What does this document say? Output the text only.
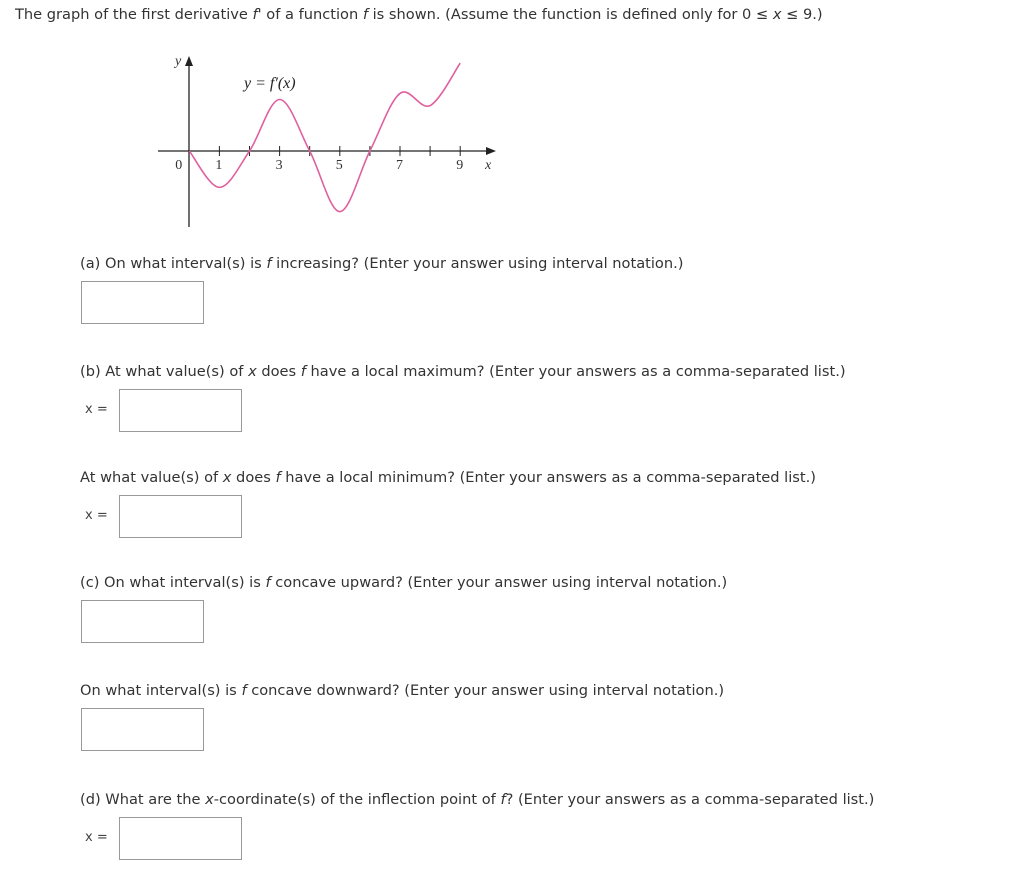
The graph of the first derivative f' of a function f is shown. (Assume the function is defined only for 0 ≤ x ≤ 9.)
0 1	3	5	7	9
y
x
y = f′(x)
(a) On what interval(s) is f increasing? (Enter your answer using interval notation.)
(b) At what value(s) of x does f have a local maximum? (Enter your answers as a comma-separated list.)
x =
At what value(s) of x does f have a local minimum? (Enter your answers as a comma-separated list.)
x =
(c) On what interval(s) is f concave upward? (Enter your answer using interval notation.)
On what interval(s) is f concave downward? (Enter your answer using interval notation.)
(d) What are the x-coordinate(s) of the inflection point of f? (Enter your answers as a comma-separated list.)
x =
